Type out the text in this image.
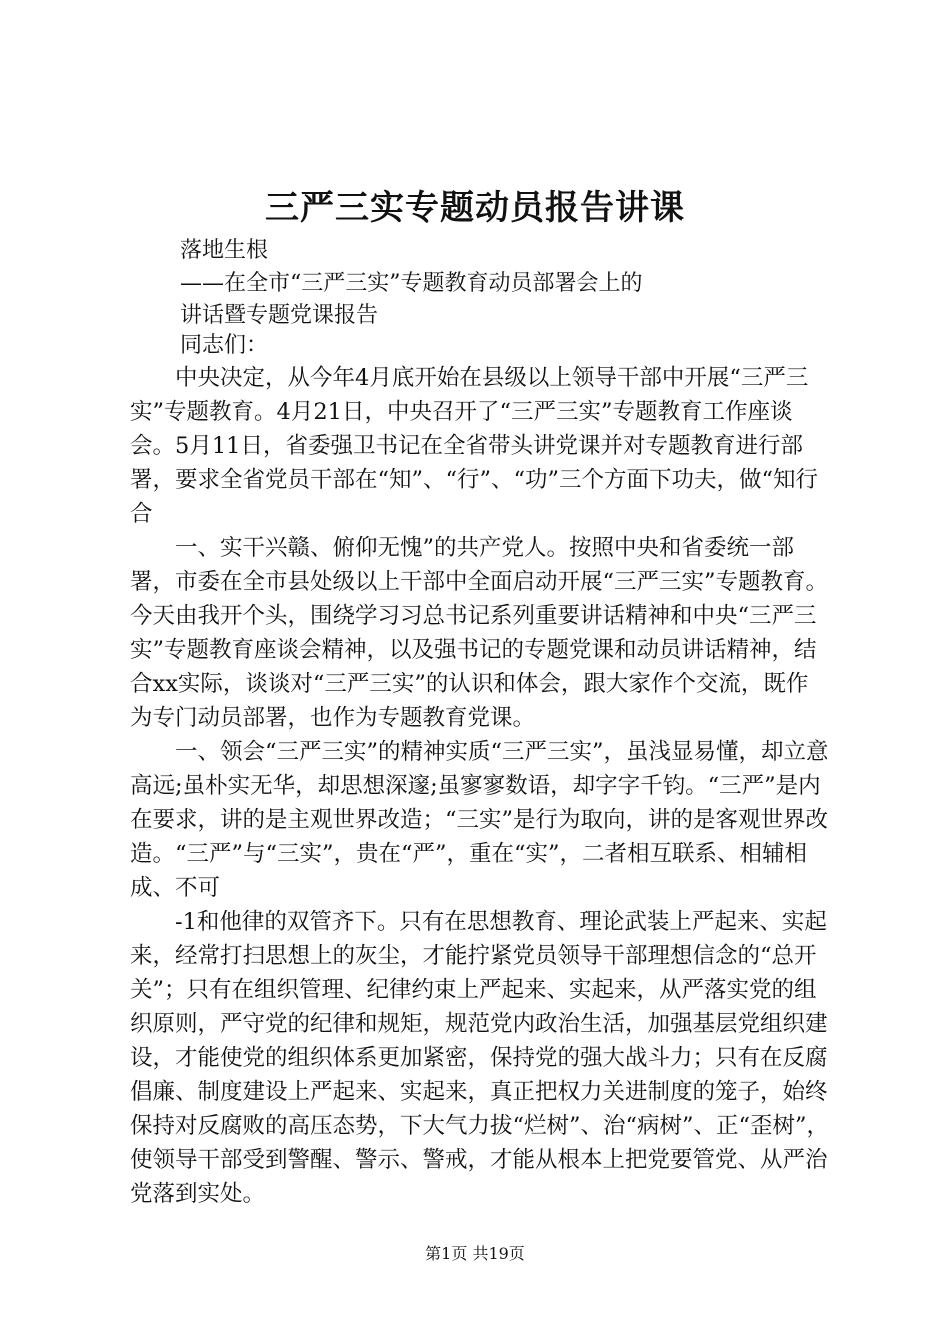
三严三实专题动员报告讲课
落地生根
——在全市“三严三实”专题教育动员部署会上的
讲话暨专题党课报告
同志们：

中央决定，从今年4月底开始在县级以上领导干部中开展“三严三实”专题教育。4月21日，中央召开了“三严三实”专题教育工作座谈会。5月11日，省委强卫书记在全省带头讲党课并对专题教育进行部署，要求全省党员干部在“知”、“行”、“功”三个方面下功夫，做“知行合

一、实干兴赣、俯仰无愧”的共产党人。按照中央和省委统一部署，市委在全市县处级以上干部中全面启动开展“三严三实”专题教育。今天由我开个头，围绕学习习总书记系列重要讲话精神和中央“三严三实”专题教育座谈会精神，以及强书记的专题党课和动员讲话精神，结合xx实际，谈谈对“三严三实”的认识和体会，跟大家作个交流，既作为专门动员部署，也作为专题教育党课。

一、领会“三严三实”的精神实质“三严三实”，虽浅显易懂，却立意高远;虽朴实无华，却思想深邃;虽寥寥数语，却字字千钧。“三严”是内在要求，讲的是主观世界改造；“三实”是行为取向，讲的是客观世界改造。“三严”与“三实”，贵在“严”，重在“实”，二者相互联系、相辅相成、不可

-1和他律的双管齐下。只有在思想教育、理论武装上严起来、实起来，经常打扫思想上的灰尘，才能拧紧党员领导干部理想信念的“总开关”；只有在组织管理、纪律约束上严起来、实起来，从严落实党的组织原则，严守党的纪律和规矩，规范党内政治生活，加强基层党组织建设，才能使党的组织体系更加紧密，保持党的强大战斗力；只有在反腐倡廉、制度建设上严起来、实起来，真正把权力关进制度的笼子，始终保持对反腐败的高压态势，下大气力拔“烂树”、治“病树”、正“歪树”，使领导干部受到警醒、警示、警戒，才能从根本上把党要管党、从严治党落到实处。

第1页 共19页
